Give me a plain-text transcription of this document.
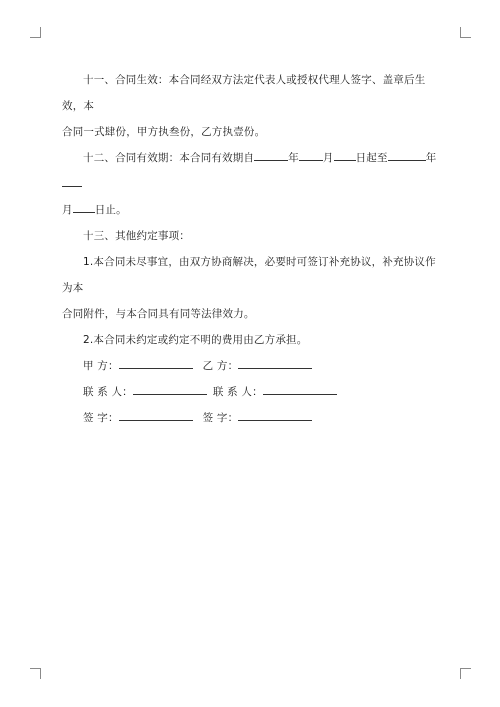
十一、合同生效：本合同经双方法定代表人或授权代理人签字、盖章后生效，本

合同一式肆份，甲方执叁份，乙方执壹份。

十二、合同有效期：本合同有效期自	年 月 日起至	年

月 日止。

十三、其他约定事项：

1.本合同未尽事宜，由双方协商解决，必要时可签订补充协议，补充协议作为本

合同附件，与本合同具有同等法律效力。

2.本合同未约定或约定不明的费用由乙方承担。

甲 方：	乙 方：
联 系 人：	联 系 人：
签 字：	签 字：
